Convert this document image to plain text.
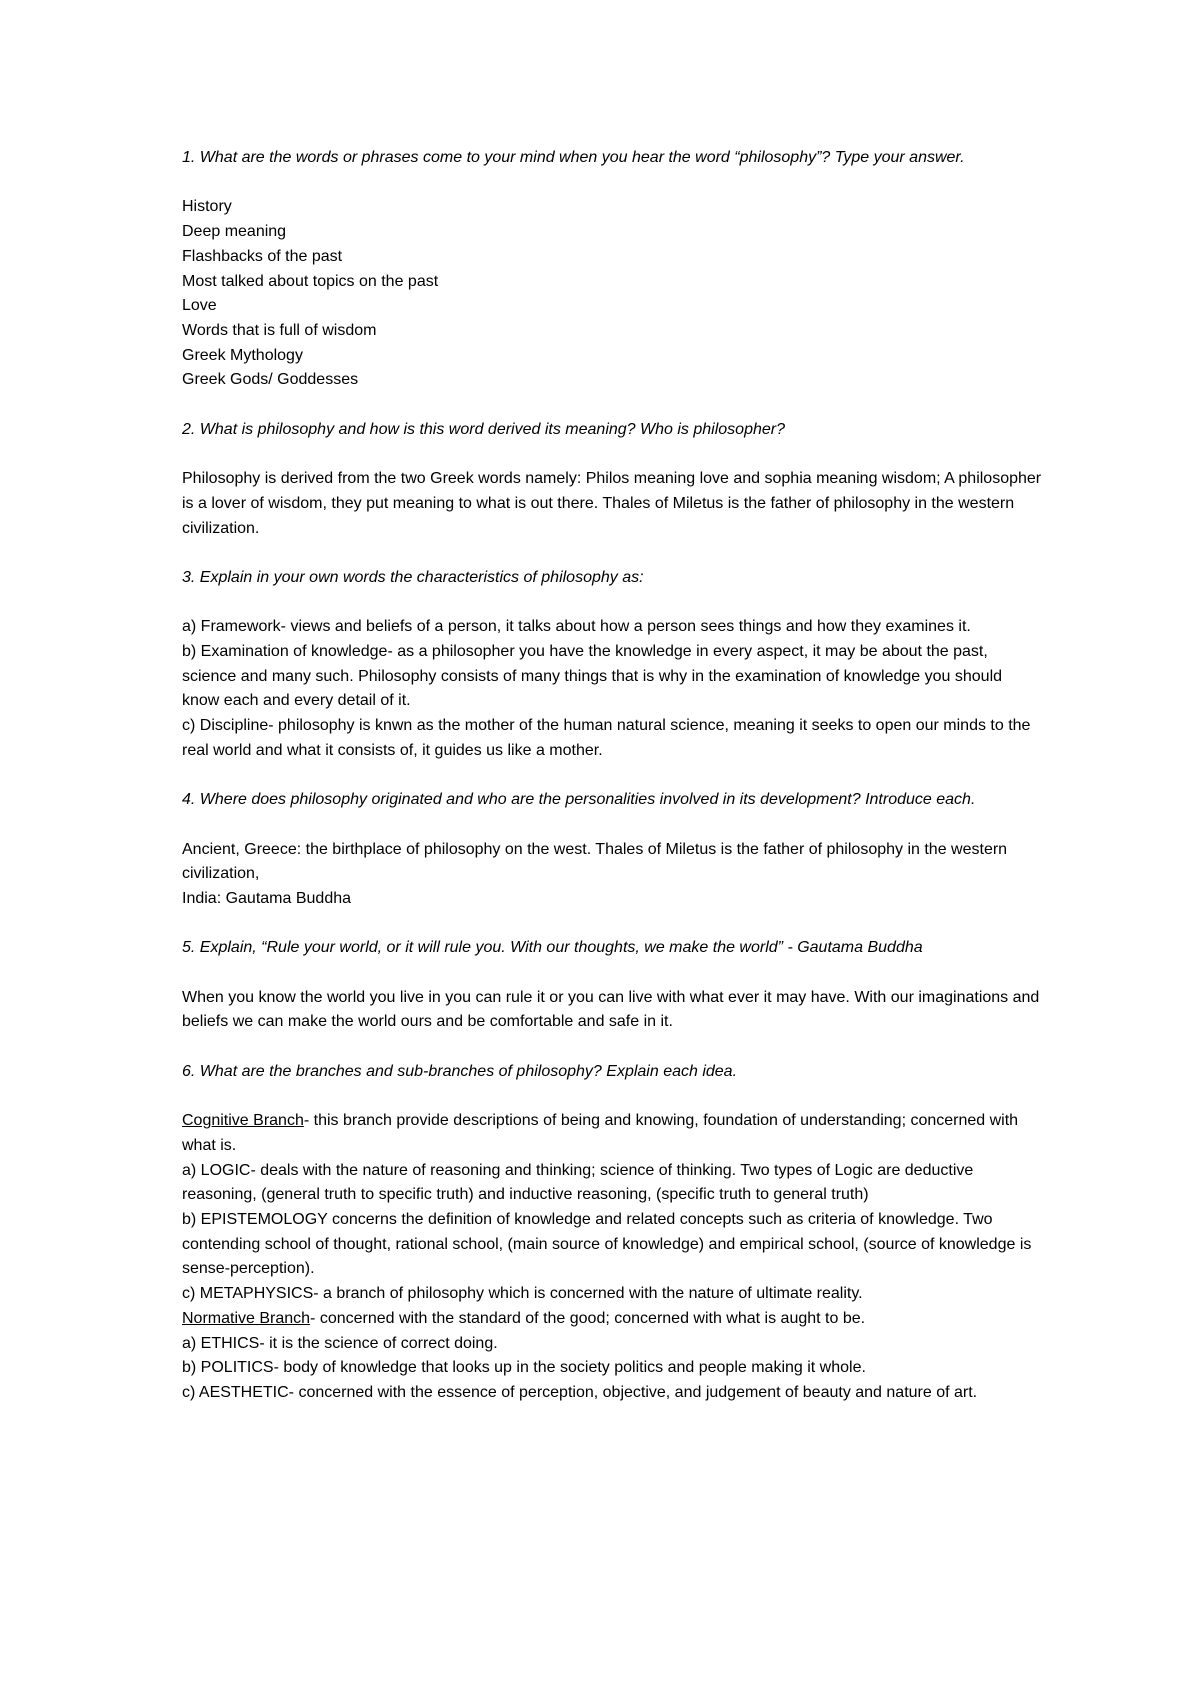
1. What are the words or phrases come to your mind when you hear the word “philosophy”? Type your answer.
History
Deep meaning
Flashbacks of the past
Most talked about topics on the past
Love
Words that is full of wisdom
Greek Mythology
Greek Gods/ Goddesses
2. What is philosophy and how is this word derived its meaning? Who is philosopher?
Philosophy is derived from the two Greek words namely: Philos meaning love and sophia meaning wisdom; A philosopher is a lover of wisdom, they put meaning to what is out there. Thales of Miletus is the father of philosophy in the western civilization.
3. Explain in your own words the characteristics of philosophy as:
a) Framework- views and beliefs of a person, it talks about how a person sees things and how they examines it.
b) Examination of knowledge- as a philosopher you have the knowledge in every aspect, it may be about the past, science and many such. Philosophy consists of many things that is why in the examination of knowledge you should know each and every detail of it.
c) Discipline- philosophy is knwn as the mother of the human natural science, meaning it seeks to open our minds to the real world and what it consists of, it guides us like a mother.
4. Where does philosophy originated and who are the personalities involved in its development? Introduce each.
Ancient, Greece: the birthplace of philosophy on the west. Thales of Miletus is the father of philosophy in the western civilization,
India: Gautama Buddha
5. Explain, “Rule your world, or it will rule you. With our thoughts, we make the world” - Gautama Buddha
When you know the world you live in you can rule it or you can live with what ever it may have. With our imaginations and beliefs we can make the world ours and be comfortable and safe in it.
6. What are the branches and sub-branches of philosophy? Explain each idea.
Cognitive Branch- this branch provide descriptions of being and knowing, foundation of understanding; concerned with what is.
a) LOGIC- deals with the nature of reasoning and thinking; science of thinking. Two types of Logic are deductive reasoning, (general truth to specific truth) and inductive reasoning, (specific truth to general truth)
b) EPISTEMOLOGY concerns the definition of knowledge and related concepts such as criteria of knowledge. Two contending school of thought, rational school, (main source of knowledge) and empirical school, (source of knowledge is sense-perception).
c) METAPHYSICS- a branch of philosophy which is concerned with the nature of ultimate reality.
Normative Branch- concerned with the standard of the good; concerned with what is aught to be.
a) ETHICS- it is the science of correct doing.
b) POLITICS- body of knowledge that looks up in the society politics and people making it whole.
c) AESTHETIC- concerned with the essence of perception, objective, and judgement of beauty and nature of art.
